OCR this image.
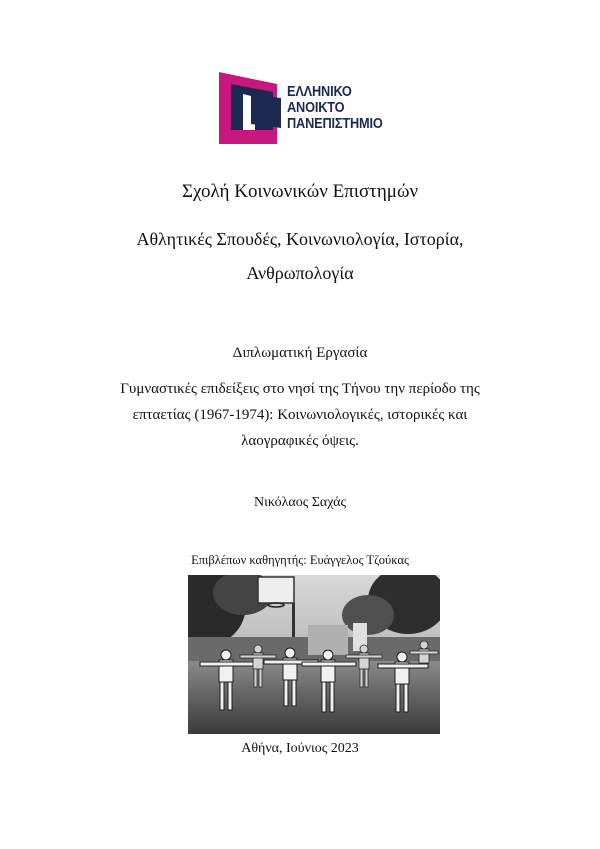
ΕΛΛΗΝΙΚΟ
ΑΝΟΙΚΤΟ
ΠΑΝΕΠΙΣΤΗΜΙΟ
Σχολή Κοινωνικών Επιστημών
Αθλητικές Σπουδές, Κοινωνιολογία, Ιστορία,
Ανθρωπολογία
Διπλωματική Εργασία
Γυμναστικές επιδείξεις στο νησί της Τήνου την περίοδο της
επταετίας (1967-1974): Κοινωνιολογικές, ιστορικές και
λαογραφικές όψεις.
Νικόλαος Σαχάς
Επιβλέπων καθηγητής: Ευάγγελος Τζούκας
Αθήνα, Ιούνιος 2023
